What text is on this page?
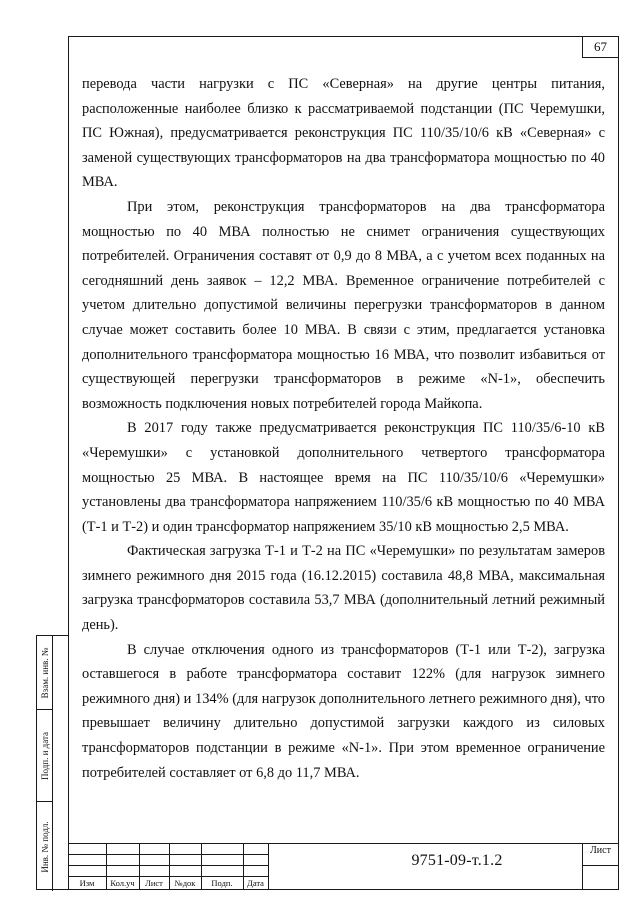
67

перевода части нагрузки с ПС «Северная» на другие центры питания, расположенные наиболее близко к рассматриваемой подстанции (ПС Черемушки, ПС Южная), предусматривается реконструкция ПС 110/35/10/6 кВ «Северная» с заменой существующих трансформаторов на два трансформатора мощностью по 40 МВА.

При этом, реконструкция трансформаторов на два трансформатора мощностью по 40 МВА полностью не снимет ограничения существующих потребителей. Ограничения составят от 0,9 до 8 МВА, а с учетом всех поданных на сегодняшний день заявок – 12,2 МВА. Временное ограничение потребителей с учетом длительно допустимой величины перегрузки трансформаторов в данном случае может составить более 10 МВА. В связи с этим, предлагается установка дополнительного трансформатора мощностью 16 МВА, что позволит избавиться от существующей перегрузки трансформаторов в режиме «N-1», обеспечить возможность подключения новых потребителей города Майкопа.

В 2017 году также предусматривается реконструкция ПС 110/35/6-10 кВ «Черемушки» с установкой дополнительного четвертого трансформатора мощностью 25 МВА. В настоящее время на ПС 110/35/10/6 «Черемушки» установлены два трансформатора напряжением 110/35/6 кВ мощностью по 40 МВА (Т-1 и Т-2) и один трансформатор напряжением 35/10 кВ мощностью 2,5 МВА.

Фактическая загрузка Т-1 и Т-2 на ПС «Черемушки» по результатам замеров зимнего режимного дня 2015 года (16.12.2015) составила 48,8 МВА, максимальная загрузка трансформаторов составила 53,7 МВА (дополнительный летний режимный день).

В случае отключения одного из трансформаторов (Т-1 или Т-2), загрузка оставшегося в работе трансформатора составит 122% (для нагрузок зимнего режимного дня) и 134% (для нагрузок дополнительного летнего режимного дня), что превышает величину длительно допустимой загрузки каждого из силовых трансформаторов подстанции в режиме «N-1». При этом временное ограничение потребителей составляет от 6,8 до 11,7 МВА.

Взам. инв. №
Подп. и дата
Инв. № подл.
Изм	Кол.уч	Лист	№док	Подп.	Дата
9751-09-т.1.2
Лист
